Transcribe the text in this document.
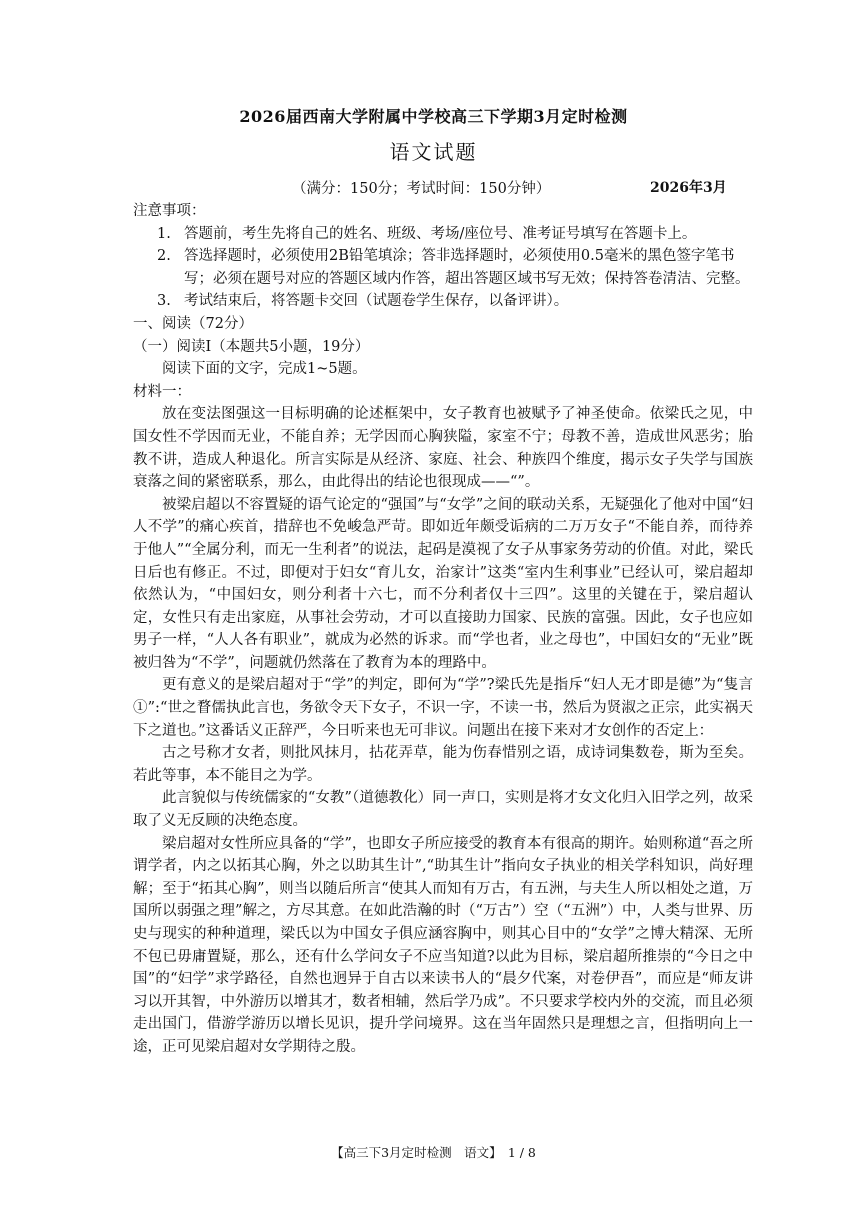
2026届西南大学附属中学校高三下学期3月定时检测
语文试题
（满分：150分；考试时间：150分钟）	2026年3月

注意事项：

1. 答题前，考生先将自己的姓名、班级、考场/座位号、准考证号填写在答题卡上。
2. 答选择题时，必须使用2B铅笔填涂；答非选择题时，必须使用0.5毫米的黑色签字笔书写；必须在题号对应的答题区域内作答，超出答题区域书写无效；保持答卷清洁、完整。
3. 考试结束后，将答题卡交回（试题卷学生保存，以备评讲）。

一、阅读（72分）

（一）阅读I（本题共5小题，19分）

阅读下面的文字，完成1~5题。

材料一：

放在变法图强这一目标明确的论述框架中，女子教育也被赋予了神圣使命。依梁氏之见，中国女性不学因而无业，不能自养；无学因而心胸狭隘，家室不宁；母教不善，造成世风恶劣；胎教不讲，造成人种退化。所言实际是从经济、家庭、社会、种族四个维度，揭示女子失学与国族衰落之间的紧密联系，那么，由此得出的结论也很现成——“”。

被梁启超以不容置疑的语气论定的“强国”与“女学”之间的联动关系，无疑强化了他对中国“妇人不学”的痛心疾首，措辞也不免峻急严苛。即如近年颇受诟病的二万万女子“不能自养，而待养于他人”“全属分利，而无一生利者”的说法，起码是漠视了女子从事家务劳动的价值。对此，梁氏日后也有修正。不过，即便对于妇女“育儿女，治家计”这类“室内生利事业”已经认可，梁启超却依然认为，“中国妇女，则分利者十六七，而不分利者仅十三四”。这里的关键在于，梁启超认定，女性只有走出家庭，从事社会劳动，才可以直接助力国家、民族的富强。因此，女子也应如男子一样，“人人各有职业”，就成为必然的诉求。而“学也者，业之母也”，中国妇女的“无业”既被归咎为“不学”，问题就仍然落在了教育为本的理路中。

更有意义的是梁启超对于“学”的判定，即何为“学”?梁氏先是指斥“妇人无才即是德”为“隻言①”:“世之瞀儒执此言也，务欲令天下女子，不识一字，不读一书，然后为贤淑之正宗，此实祸天下之道也。”这番话义正辞严，今日听来也无可非议。问题出在接下来对才女创作的否定上：

古之号称才女者，则批风抹月，拈花弄草，能为伤春惜别之语，成诗词集数卷，斯为至矣。若此等事，本不能目之为学。

此言貌似与传统儒家的“女教”（道德教化）同一声口，实则是将才女文化归入旧学之列，故采取了义无反顾的决绝态度。

梁启超对女性所应具备的“学”，也即女子所应接受的教育本有很高的期许。始则称道“吾之所谓学者，内之以拓其心胸，外之以助其生计”,“助其生计”指向女子执业的相关学科知识，尚好理解；至于“拓其心胸”，则当以随后所言“使其人而知有万古，有五洲，与夫生人所以相处之道，万国所以弱强之理”解之，方尽其意。在如此浩瀚的时（“万古”）空（“五洲”）中，人类与世界、历史与现实的种种道理，梁氏以为中国女子俱应涵容胸中，则其心目中的“女学”之博大精深、无所不包已毋庸置疑，那么，还有什么学问女子不应当知道?以此为目标，梁启超所推崇的“今日之中国”的“妇学”求学路径，自然也迥异于自古以来读书人的“晨夕代案，对卷伊吾”，而应是“师友讲习以开其智，中外游历以增其才，数者相辅，然后学乃成”。不只要求学校内外的交流，而且必须走出国门，借游学游历以增长见识，提升学问境界。这在当年固然只是理想之言，但指明向上一途，正可见梁启超对女学期待之殷。

【高三下3月定时检测　语文】　1 / 8
